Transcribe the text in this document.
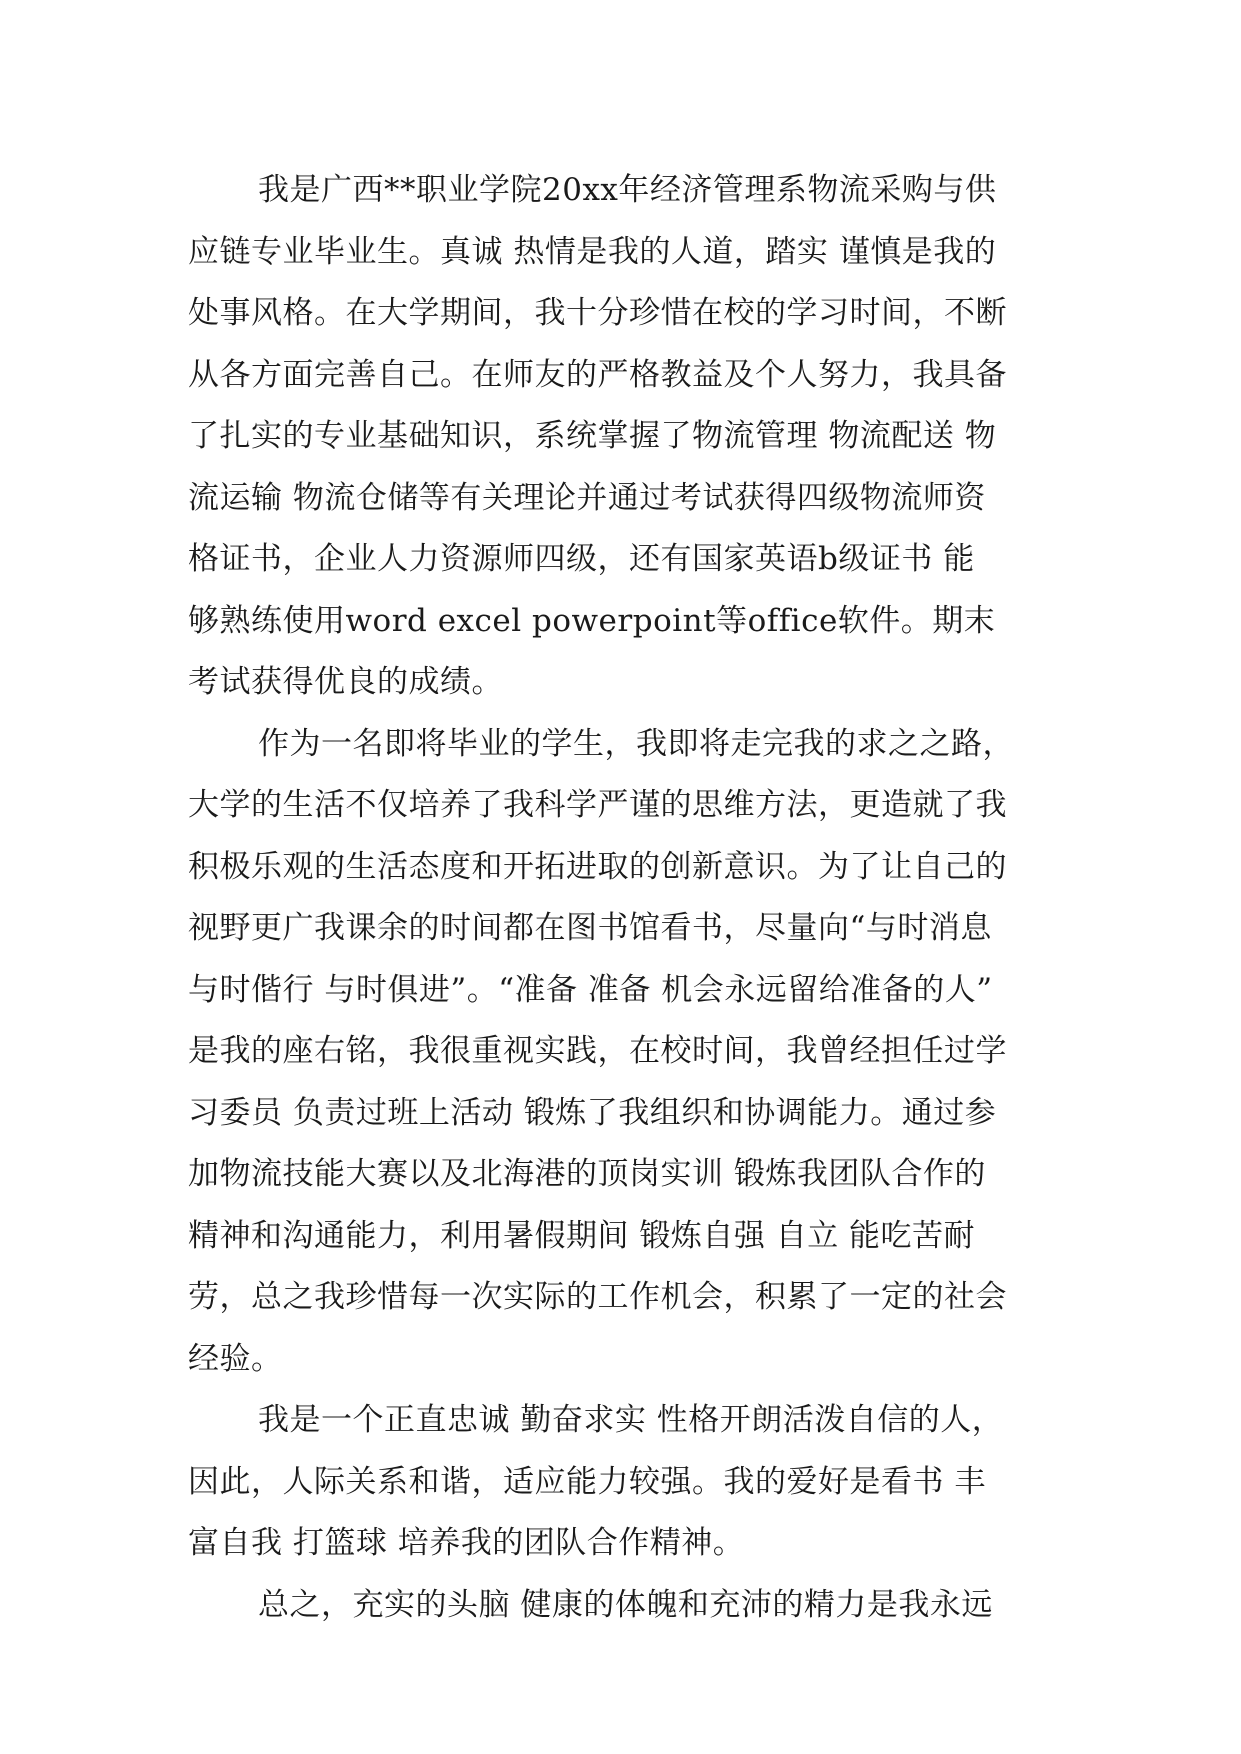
我是广西**职业学院20xx年经济管理系物流采购与供
应链专业毕业生。真诚 热情是我的人道，踏实 谨慎是我的
处事风格。在大学期间，我十分珍惜在校的学习时间，不断
从各方面完善自己。在师友的严格教益及个人努力，我具备
了扎实的专业基础知识，系统掌握了物流管理 物流配送 物
流运输 物流仓储等有关理论并通过考试获得四级物流师资
格证书，企业人力资源师四级，还有国家英语b级证书 能
够熟练使用word excel powerpoint等office软件。期末
考试获得优良的成绩。
作为一名即将毕业的学生，我即将走完我的求之之路，
大学的生活不仅培养了我科学严谨的思维方法，更造就了我
积极乐观的生活态度和开拓进取的创新意识。为了让自己的
视野更广我课余的时间都在图书馆看书，尽量向“与时消息
与时偕行 与时俱进”。“准备 准备 机会永远留给准备的人”
是我的座右铭，我很重视实践，在校时间，我曾经担任过学
习委员 负责过班上活动 锻炼了我组织和协调能力。通过参
加物流技能大赛以及北海港的顶岗实训 锻炼我团队合作的
精神和沟通能力，利用暑假期间 锻炼自强 自立 能吃苦耐
劳，总之我珍惜每一次实际的工作机会，积累了一定的社会
经验。
我是一个正直忠诚 勤奋求实 性格开朗活泼自信的人，
因此，人际关系和谐，适应能力较强。我的爱好是看书 丰
富自我 打篮球 培养我的团队合作精神。
总之，充实的头脑 健康的体魄和充沛的精力是我永远
